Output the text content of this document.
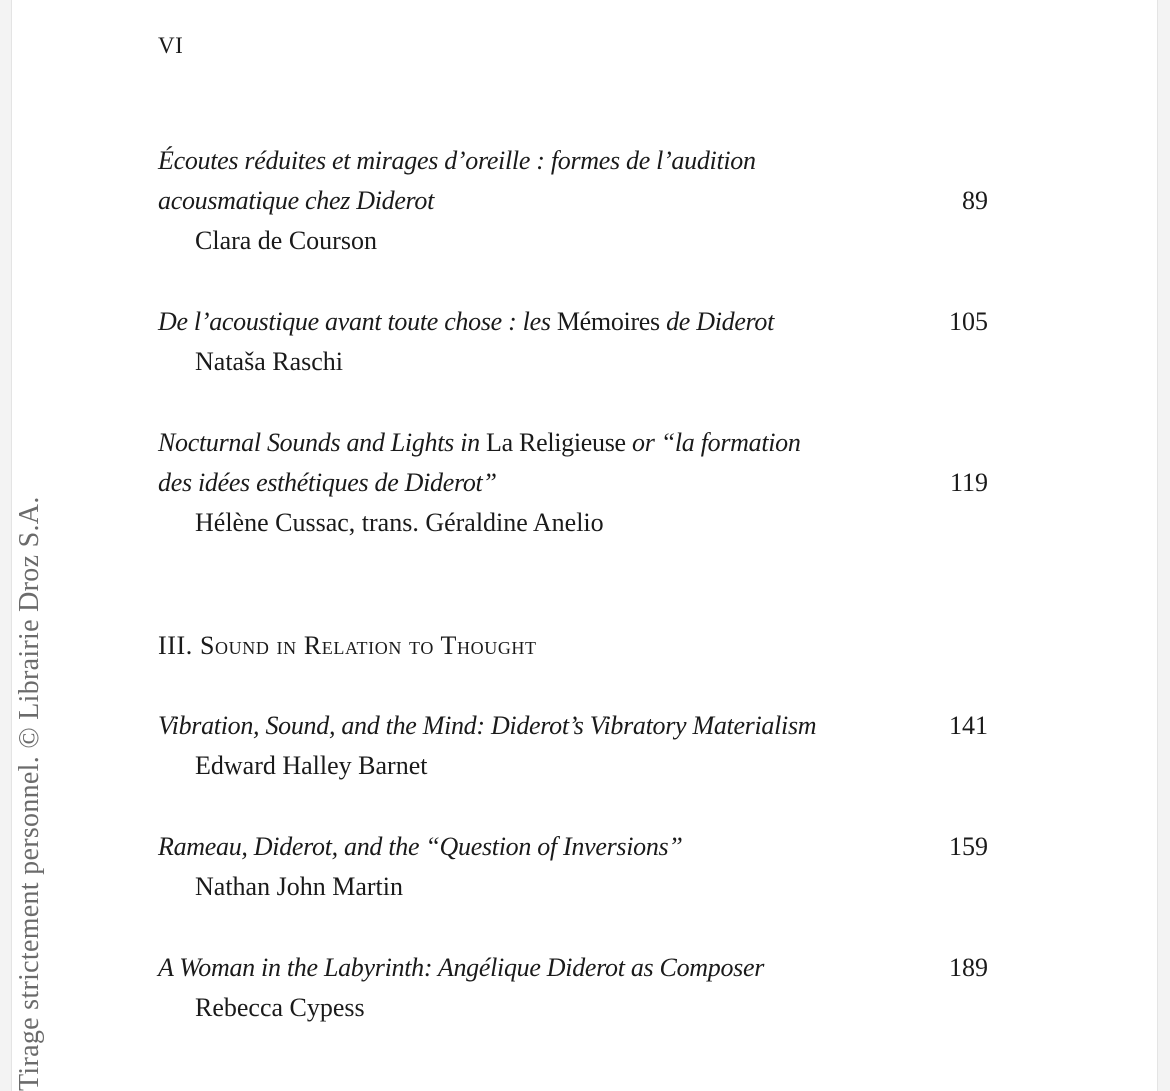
Tirage strictement personnel. © Librairie Droz S.A.
VI
Écoutes réduites et mirages d’oreille : formes de l’audition
acousmatique chez Diderot	89
Clara de Courson
De l’acoustique avant toute chose : les Mémoires de Diderot	105
Nataša Raschi
Nocturnal Sounds and Lights in La Religieuse or “la formation
des idées esthétiques de Diderot”	119
Hélène Cussac, trans. Géraldine Anelio
III. Sound in Relation to Thought
Vibration, Sound, and the Mind: Diderot’s Vibratory Materialism	141
Edward Halley Barnet
Rameau, Diderot, and the “Question of Inversions”	159
Nathan John Martin
A Woman in the Labyrinth: Angélique Diderot as Composer	189
Rebecca Cypess
